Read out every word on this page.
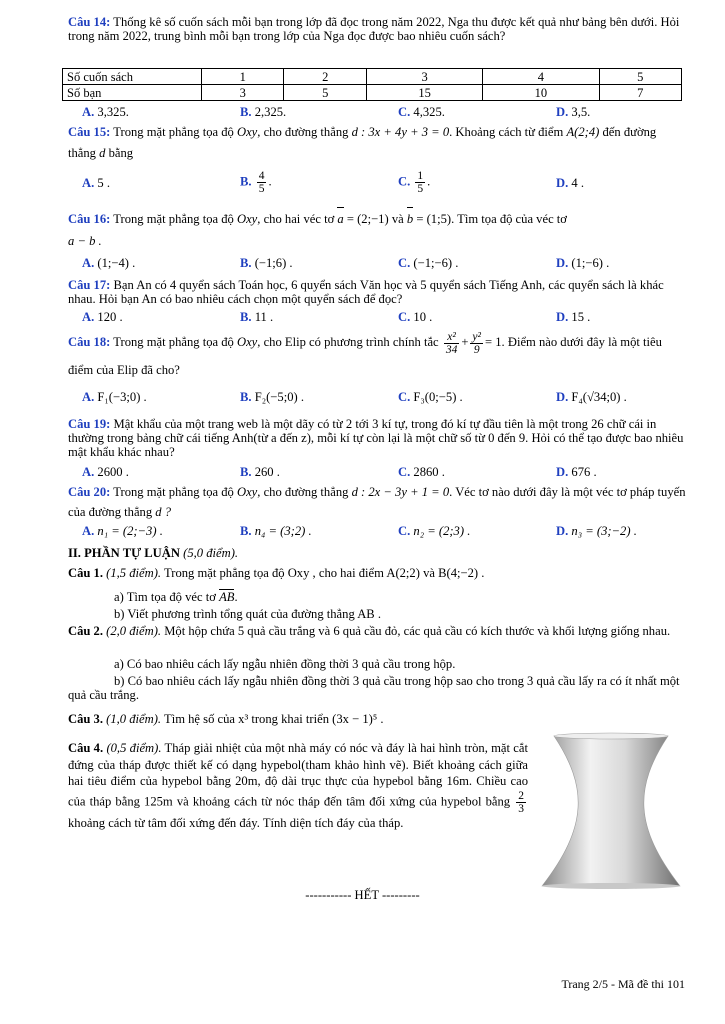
Câu 14: Thống kê số cuốn sách mỗi bạn trong lớp đã đọc trong năm 2022, Nga thu được kết quả như bảng bên dưới. Hỏi trong năm 2022, trung bình mỗi bạn trong lớp của Nga đọc được bao nhiêu cuốn sách?
Số cuốn sách	1	2	3	4	5
Số bạn	3	5	15	10	7
A. 3,325.	B. 2,325.	C. 4,325.	D. 3,5.
Câu 15: Trong mặt phẳng tọa độ Oxy, cho đường thẳng d : 3x + 4y + 3 = 0. Khoảng cách từ điểm A(2;4) đến đường thẳng d bằng
A. 5 .	B. $\frac{4}{5}$ .	C. $\frac{1}{5}$ .	D. 4 .
Câu 16: Trong mặt phẳng tọa độ Oxy, cho hai véc tơ a = (2;−1) và b = (1;5). Tìm tọa độ của véc tơ
a − b .
A. (1;−4) .	B. (−1;6) .	C. (−1;−6) .	D. (1;−6) .
Câu 17: Bạn An có 4 quyển sách Toán học, 6 quyển sách Văn học và 5 quyển sách Tiếng Anh, các quyển sách là khác nhau. Hỏi bạn An có bao nhiêu cách chọn một quyển sách để đọc?
A. 120 .	B. 11 .	C. 10 .	D. 15 .
Câu 18: Trong mặt phẳng tọa độ Oxy, cho Elip có phương trình chính tắc $\frac{\text{x²}}{34} + \frac{\text{y²}}{9} = 1$. Điểm nào dưới đây là một tiêu điểm của Elip đã cho?
A. F₁(−3;0) .	B. F₂(−5;0) .	C. F₃(0;−5) .	D. F₄(√34;0) .
Câu 19: Mật khẩu của một trang web là một dãy có từ 2 tới 3 kí tự, trong đó kí tự đầu tiên là một trong 26 chữ cái in thường trong bảng chữ cái tiếng Anh(từ a đến z), mỗi kí tự còn lại là một chữ số từ 0 đến 9. Hỏi có thể tạo được bao nhiêu mật khẩu khác nhau?
A. 2600 .	B. 260 .	C. 2860 .	D. 676 .
Câu 20: Trong mặt phẳng tọa độ Oxy, cho đường thẳng d : 2x − 3y + 1 = 0. Véc tơ nào dưới đây là một véc tơ pháp tuyến của đường thẳng d ?
A. n₁ = (2;−3) .	B. n₄ = (3;2) .	C. n₂ = (2;3) .	D. n₃ = (3;−2) .
II. PHẦN TỰ LUẬN (5,0 điểm).
Câu 1. (1,5 điểm). Trong mặt phẳng tọa độ Oxy , cho hai điểm A(2;2) và B(4;−2) .
a) Tìm tọa độ véc tơ AB.
b) Viết phương trình tổng quát của đường thẳng AB .
Câu 2. (2,0 điểm). Một hộp chứa 5 quả cầu trắng và 6 quả cầu đỏ, các quả cầu có kích thước và khối lượng giống nhau.
a) Có bao nhiêu cách lấy ngẫu nhiên đồng thời 3 quả cầu trong hộp.
b) Có bao nhiêu cách lấy ngẫu nhiên đồng thời 3 quả cầu trong hộp sao cho trong 3 quả cầu lấy ra có ít nhất một quả cầu trắng.
Câu 3. (1,0 điểm). Tìm hệ số của x³ trong khai triển (3x − 1)⁵ .
Câu 4. (0,5 điểm). Tháp giải nhiệt của một nhà máy có nóc và đáy là hai hình tròn, mặt cắt đứng của tháp được thiết kế có dạng hypebol(tham khảo hình vẽ). Biết khoảng cách giữa hai tiêu điểm của hypebol bằng 20m, độ dài trục thực của hypebol bằng 16m. Chiều cao của tháp bằng 125m và khoảng cách từ nóc tháp đến tâm đối xứng của hypebol bằng $\frac{2}{3}$
khoảng cách từ tâm đối xứng đến đáy. Tính diện tích đáy của tháp.
----------- HẾT ---------
Trang 2/5 - Mã đề thi 101
